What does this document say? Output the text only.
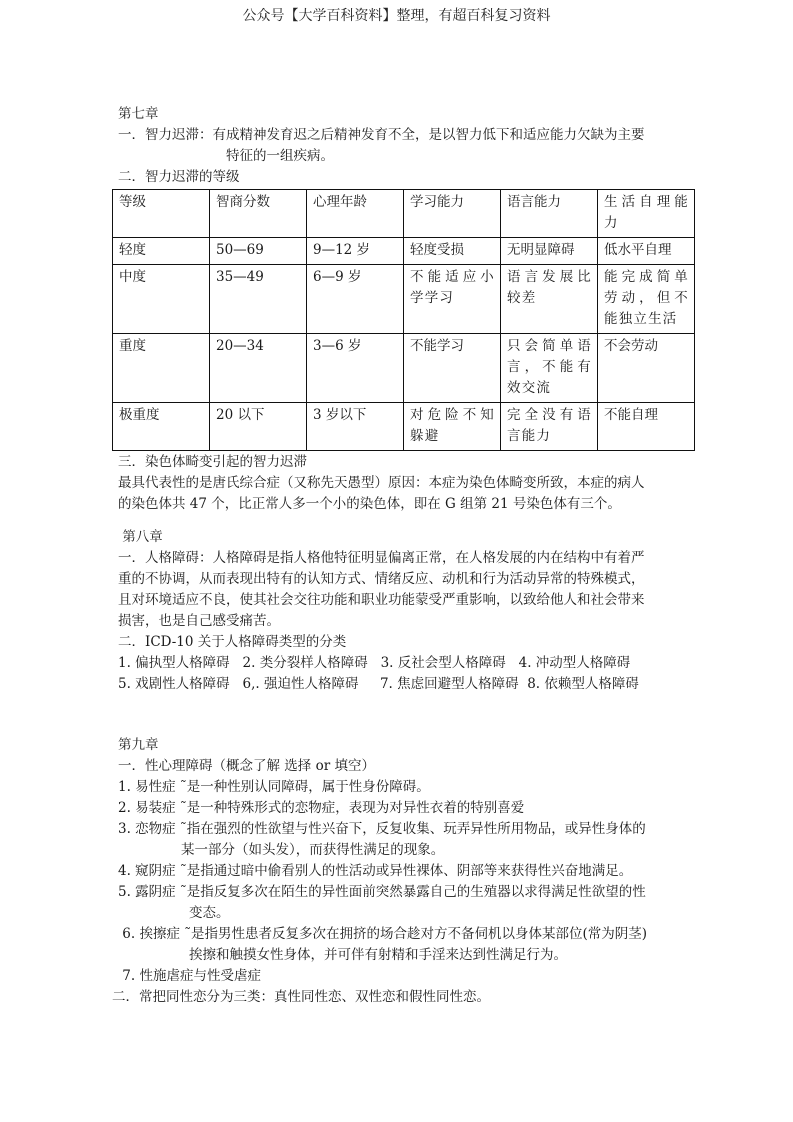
公众号【大学百科资料】整理，有超百科复习资料
第七章
一．智力迟滞：有成精神发育迟之后精神发育不全，是以智力低下和适应能力欠缺为主要
特征的一组疾病。
二．智力迟滞的等级
等级	智商分数	心理年龄	学习能力	语言能力	生活自理能力
轻度	50—69	9—12 岁	轻度受损	无明显障碍	低水平自理
中度	35—49	6—9 岁	不能适应小学学习	语言发展比较差	能完成简单劳动，但不能独立生活
重度	20—34	3—6 岁	不能学习	只会简单语言，不能有效交流	不会劳动
极重度	20 以下	3 岁以下	对危险不知躲避	完全没有语言能力	不能自理
三．染色体畸变引起的智力迟滞
最具代表性的是唐氏综合症（又称先天愚型）原因：本症为染色体畸变所致，本症的病人
的染色体共 47 个，比正常人多一个小的染色体，即在 G 组第 21 号染色体有三个。
第八章
一．人格障碍：人格障碍是指人格他特征明显偏离正常，在人格发展的内在结构中有着严
重的不协调，从而表现出特有的认知方式、情绪反应、动机和行为活动异常的特殊模式，
且对环境适应不良，使其社会交往功能和职业功能蒙受严重影响，以致给他人和社会带来
损害，也是自己感受痛苦。
二．ICD-10 关于人格障碍类型的分类
1. 偏执型人格障碍   2. 类分裂样人格障碍   3. 反社会型人格障碍   4. 冲动型人格障碍
5. 戏剧性人格障碍   6,. 强迫性人格障碍     7. 焦虑回避型人格障碍  8. 依赖型人格障碍
第九章
一．性心理障碍（概念了解 选择 or 填空）
1. 易性症 ˜是一种性别认同障碍，属于性身份障碍。
2. 易装症 ˜是一种特殊形式的恋物症，表现为对异性衣着的特别喜爱
3. 恋物症 ˜指在强烈的性欲望与性兴奋下，反复收集、玩弄异性所用物品，或异性身体的
某一部分（如头发），而获得性满足的现象。
4. 窥阴症 ˜是指通过暗中偷看别人的性活动或异性裸体、阴部等来获得性兴奋地满足。
5. 露阴症 ˜是指反复多次在陌生的异性面前突然暴露自己的生殖器以求得满足性欲望的性
变态。
6. 挨擦症 ˜是指男性患者反复多次在拥挤的场合趁对方不备伺机以身体某部位(常为阴茎)
挨擦和触摸女性身体，并可伴有射精和手淫来达到性满足行为。
7. 性施虐症与性受虐症
二．常把同性恋分为三类：真性同性恋、双性恋和假性同性恋。
